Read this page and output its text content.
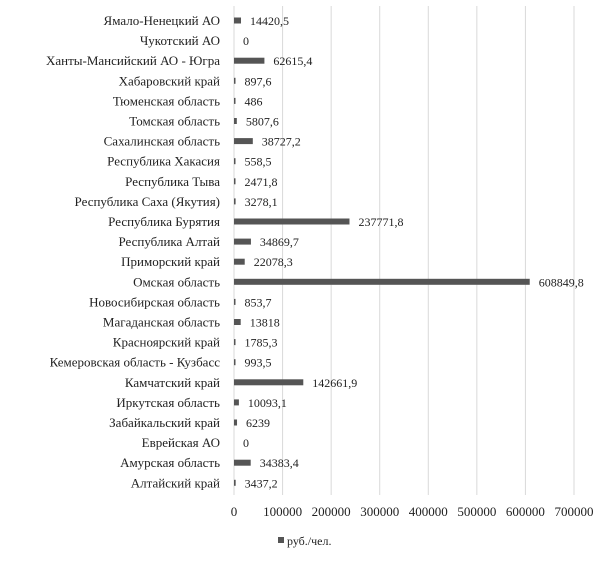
Ямало-Ненецкий АО
Чукотский АО
Ханты-Мансийский АО - Югра
Хабаровский край
Тюменская область
Томская область
Сахалинская область
Республика Хакасия
Республика Тыва
Республика Саха (Якутия)
Республика Бурятия
Республика Алтай
Приморский край
Омская область
Новосибирская область
Магаданская область
Красноярский край
Кемеровская область - Кузбасс
Камчатский край
Иркутская область
Забайкальский край
Еврейская АО
Амурская область
Алтайский край
14420,5
0
62615,4
897,6
486
5807,6
38727,2
558,5
2471,8
3278,1
237771,8
34869,7
22078,3
608849,8
853,7
13818
1785,3
993,5
142661,9
10093,1
6239
0
34383,4
3437,2
0 100000 200000 300000 400000 500000 600000 700000
руб./чел.
